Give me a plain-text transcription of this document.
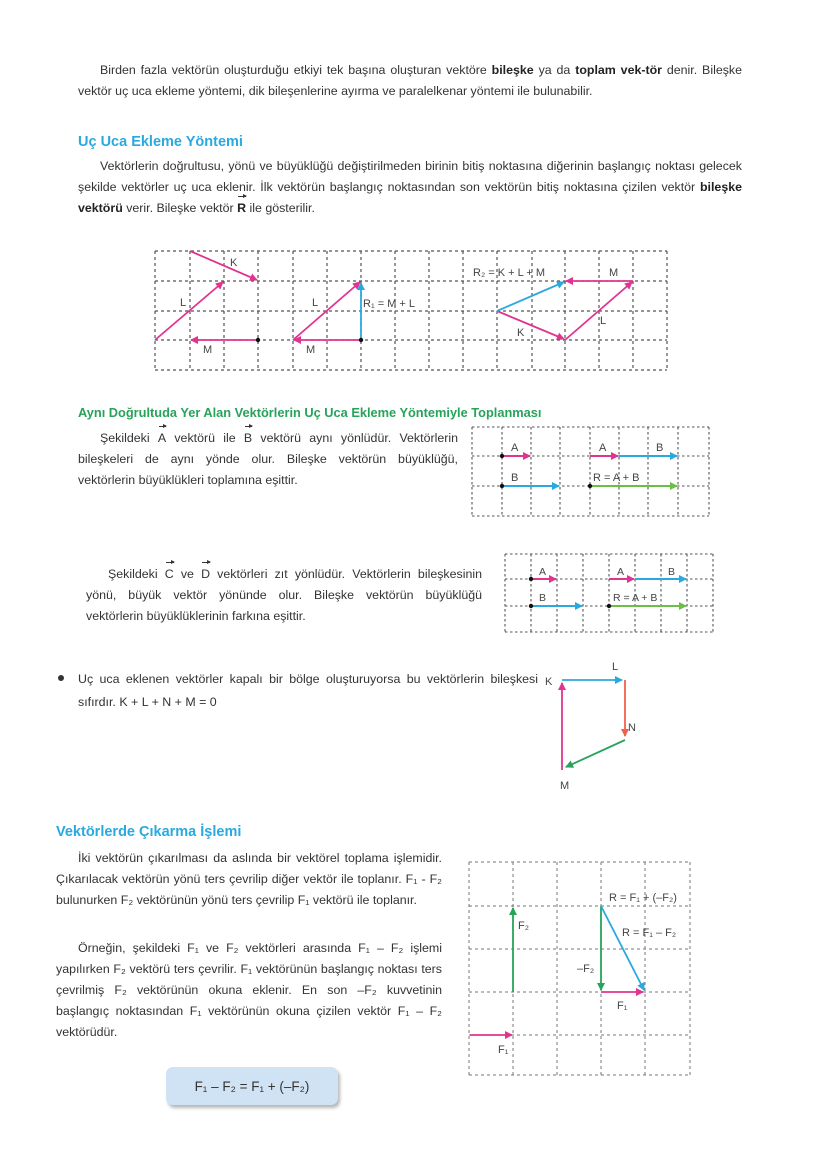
Birden fazla vektörün oluşturduğu etkiyi tek başına oluşturan vektöre bileşke ya da toplam vek-tör denir. Bileşke vektör uç uca ekleme yöntemi, dik bileşenlerine ayırma ve paralelkenar yöntemi ile bulunabilir.
Uç Uca Ekleme Yöntemi
Vektörlerin doğrultusu, yönü ve büyüklüğü değiştirilmeden birinin bitiş noktasına diğerinin başlangıç noktası gelecek şekilde vektörler uç uca eklenir. İlk vektörün başlangıç noktasından son vektörün bitiş noktasına çizilen vektör bileşke vektörü verir. Bileşke vektör R ile gösterilir.
K
L
M
L
M
R₁ = M + L
R₂ = K + L + M
K
L
M
Aynı Doğrultuda Yer Alan Vektörlerin Uç Uca Ekleme Yöntemiyle Toplanması
Şekildeki A vektörü ile B vektörü aynı yönlüdür. Vektörlerin bileşkeleri de aynı yönde olur. Bileşke vektörün büyüklüğü, vektörlerin büyüklükleri toplamına eşittir.
A
B
A	B
R = A + B
Şekildeki C ve D vektörleri zıt yönlüdür. Vektörlerin bileşkesinin yönü, büyük vektör yönünde olur. Bileşke vektörün büyüklüğü vektörlerin büyüklüklerinin farkına eşittir.
A
B
A	B
R = A + B
Uç uca eklenen vektörler kapalı bir bölge oluşturuyorsa bu vektörlerin bileşkesi sıfırdır. K + L + N + M = 0
K
L
N
M
Vektörlerde Çıkarma İşlemi
İki vektörün çıkarılması da aslında bir vektörel toplama işlemidir. Çıkarılacak vektörün yönü ters çevrilip diğer vektör ile toplanır. F₁ - F₂ bulunurken F₂ vektörünün yönü ters çevrilip F₁ vektörü ile toplanır.
Örneğin, şekildeki F₁ ve F₂ vektörleri arasında F₁ – F₂ işlemi yapılırken F₂ vektörü ters çevrilir. F₁ vektörünün başlangıç noktası ters çevrilmiş F₂ vektörünün okuna eklenir. En son –F₂ kuvvetinin başlangıç noktasından F₁ vektörünün okuna çizilen vektör F₁ – F₂ vektörüdür.
F₁ – F₂ = F₁ + (–F₂)
F₁
F₂
–F₂
F₁
R = F₁ + (–F₂)
R = F₁ – F₂
